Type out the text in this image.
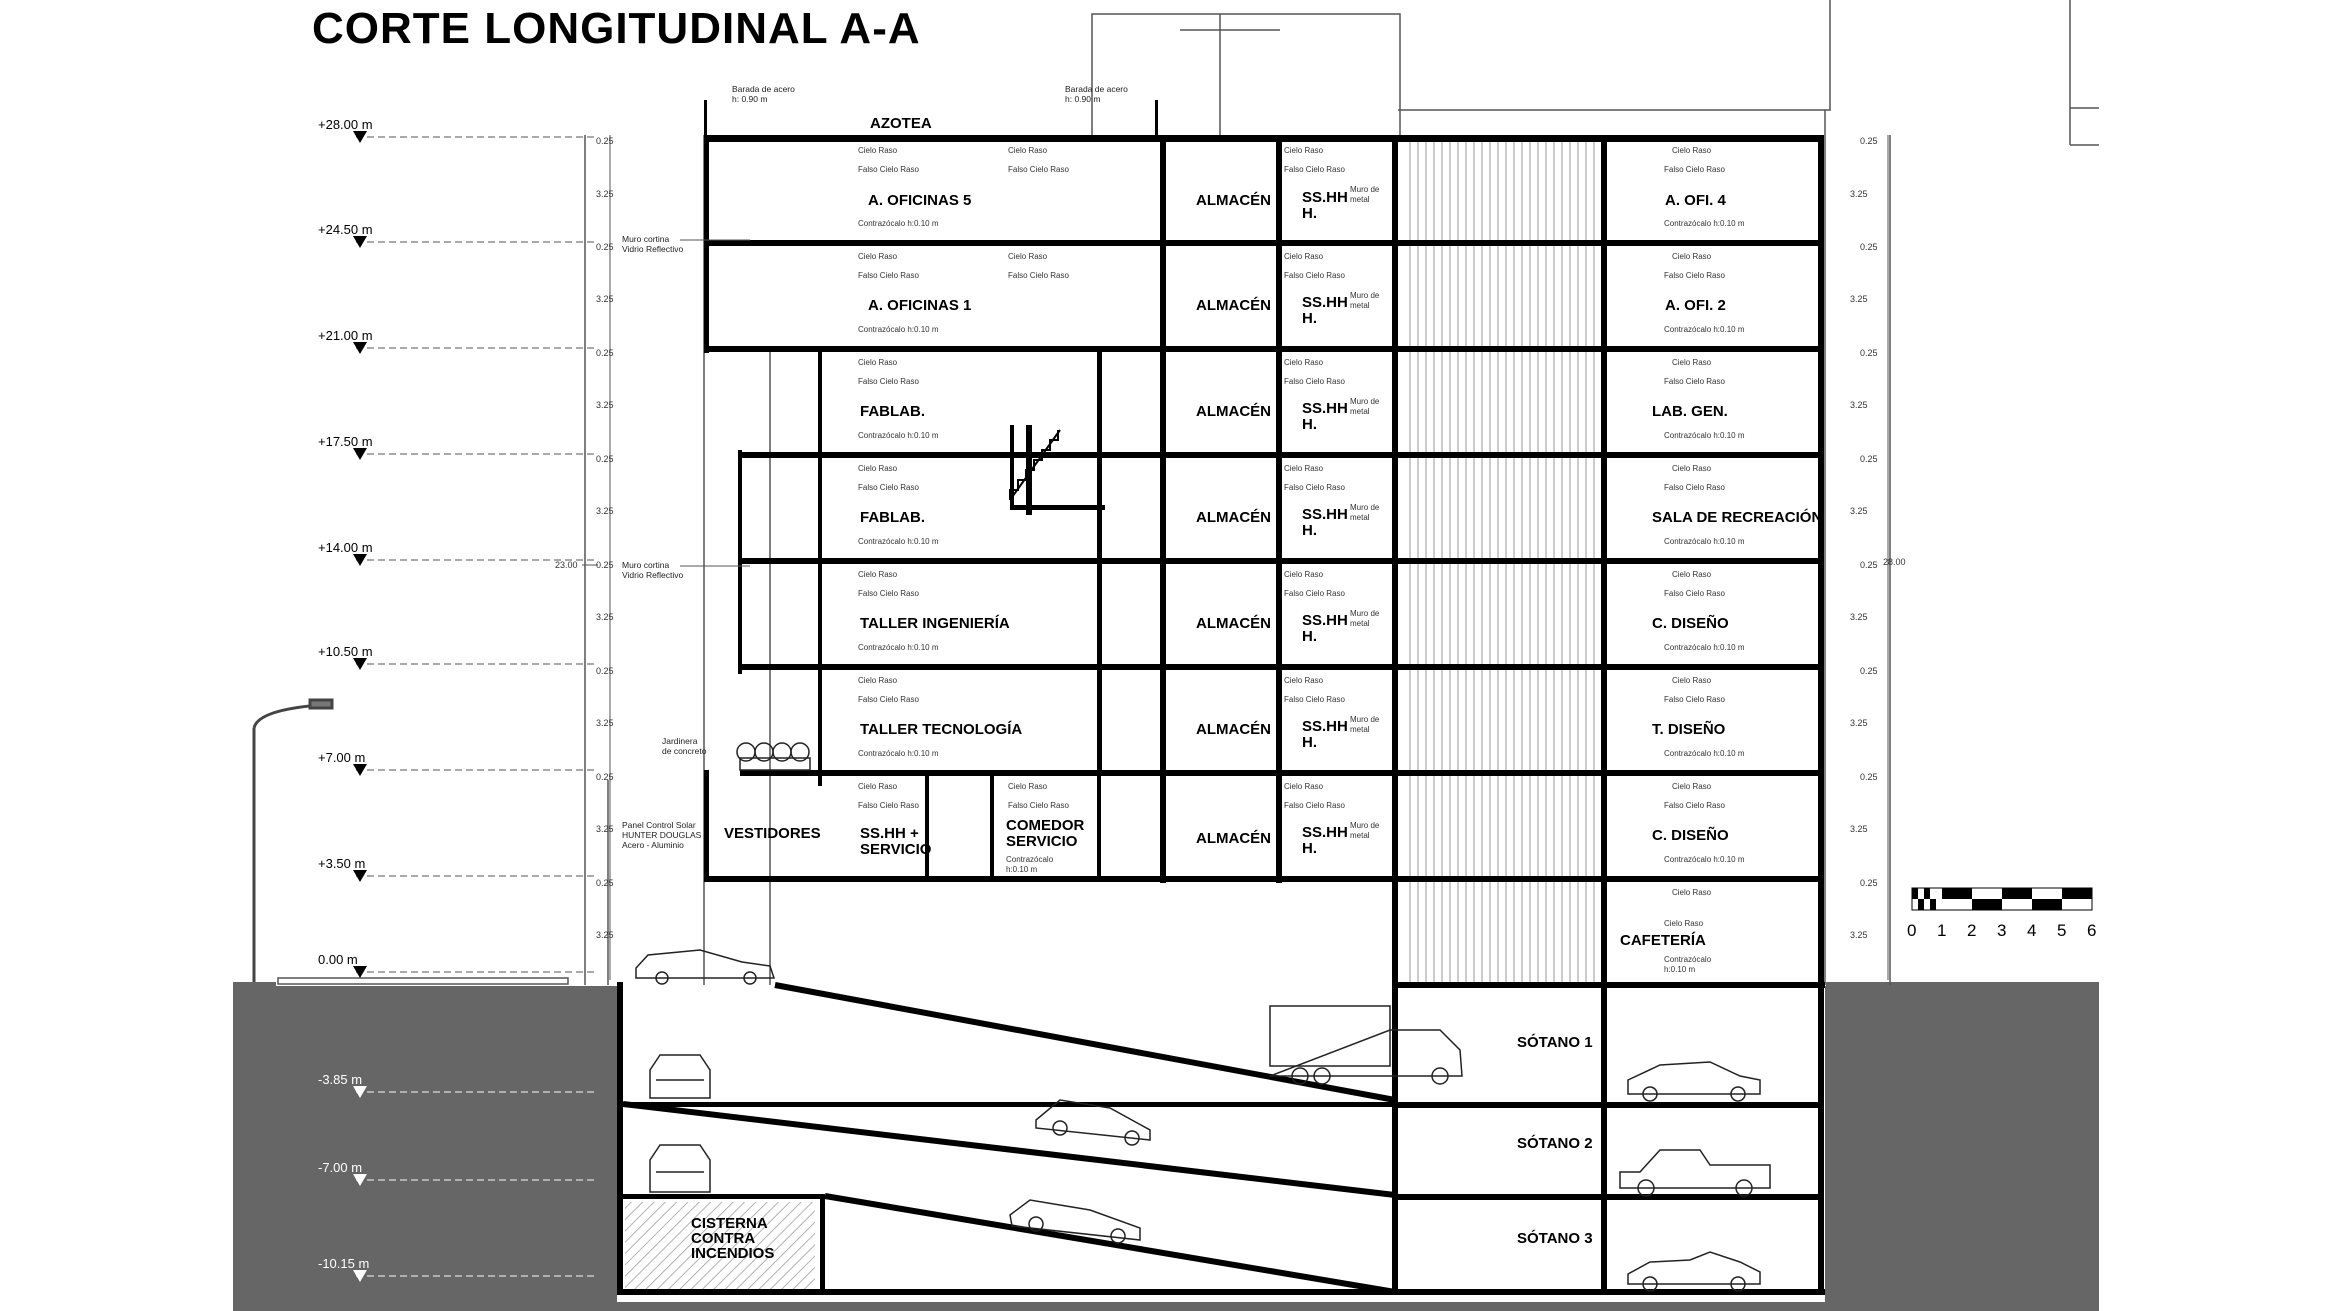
CORTE LONGITUDINAL A-A
+28.00 m
+24.50 m
+21.00 m
+17.50 m
+14.00 m
+10.50 m
+7.00 m
+3.50 m
0.00 m
-3.85 m
-7.00 m
-10.15 m
23.00
0.25
3.25
0.25
3.25
0.25
3.25
0.25
3.25
0.25
3.25
0.25
3.25
0.25
3.25
0.25
3.25
28.00
0.25
3.25
0.25
3.25
0.25
3.25
0.25
3.25
0.25
3.25
0.25
3.25
0.25
3.25
0.25
3.25
Cielo Raso
Falso Cielo Raso
Contrazócalo h:0.10 m
Cielo Raso
Falso Cielo Raso
Cielo Raso
Falso Cielo Raso
Contrazócalo h:0.10 m
Cielo Raso
Falso Cielo Raso
Cielo Raso
Falso Cielo Raso
Contrazócalo h:0.10 m
Cielo Raso
Falso Cielo Raso
Contrazócalo h:0.10 m
Cielo Raso
Falso Cielo Raso
Contrazócalo h:0.10 m
Cielo Raso
Falso Cielo Raso
Contrazócalo h:0.10 m
Cielo Raso
Falso Cielo Raso
Cielo Raso
Falso Cielo Raso
Cielo Raso
Falso Cielo Raso
Cielo Raso
Falso Cielo Raso
Cielo Raso
Falso Cielo Raso
Cielo Raso
Falso Cielo Raso
Cielo Raso
Falso Cielo Raso
Cielo Raso
Falso Cielo Raso
Cielo Raso
Falso Cielo Raso
Muro de
metal
Muro de
metal
Muro de
metal
Muro de
metal
Muro de
metal
Muro de
metal
Muro de
metal
Cielo Raso
Falso Cielo Raso
Contrazócalo h:0.10 m
Cielo Raso
Falso Cielo Raso
Contrazócalo h:0.10 m
Cielo Raso
Falso Cielo Raso
Contrazócalo h:0.10 m
Cielo Raso
Falso Cielo Raso
Contrazócalo h:0.10 m
Cielo Raso
Falso Cielo Raso
Contrazócalo h:0.10 m
Cielo Raso
Falso Cielo Raso
Contrazócalo h:0.10 m
Cielo Raso
Falso Cielo Raso
Contrazócalo h:0.10 m
Cielo Raso
Cielo Raso
Barada de acero
h: 0.90 m
Barada de acero
h: 0.90 m
Muro cortina
Vidrio Reflectivo
Muro cortina
Vidrio Reflectivo
Jardinera
de concreto
Panel Control Solar
HUNTER DOUGLAS
Acero - Aluminio
AZOTEA
A. OFICINAS 5
A. OFICINAS 1
A. OFI. 4
A. OFI. 2
FABLAB.
FABLAB.
LAB. GEN.
SALA DE RECREACIÓN
TALLER INGENIERÍA
TALLER TECNOLOGÍA
C. DISEÑO
T. DISEÑO
C. DISEÑO
VESTIDORES	SS.HH +
SERVICIO
COMEDOR
SERVICIO
ALMACÉN
ALMACÉN
ALMACÉN
ALMACÉN
ALMACÉN
ALMACÉN
ALMACÉN
SS.HH
H.
SS.HH
H.
SS.HH
H.
SS.HH
H.
SS.HH
H.
SS.HH
H.
SS.HH
H.
CAFETERÍA
SÓTANO 1
SÓTANO 2
SÓTANO 3
CISTERNA
CONTRA
INCENDIOS
Contrazócalo
h:0.10 m
Contrazócalo
h:0.10 m
0 1 2 3 4 5 6
